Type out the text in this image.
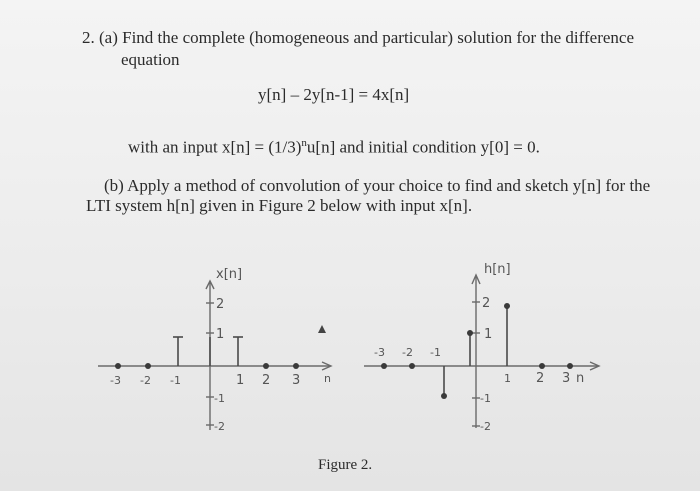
2. (a) Find the complete (homogeneous and particular) solution for the difference
equation
y[n] – 2y[n-1] = 4x[n]
with an input $x[n] = (1/3)^nu[n]$ and initial condition y[0] = 0.
(b) Apply a method of convolution of your choice to find and sketch y[n] for the
LTI system h[n] given in Figure 2 below with input x[n].
x[n]
2
1
-1
-2
-3 -2 -1	1 2 3 n
h[n]
2
1
-1
-2
-3 -2 -1
1 2 3 n
Figure 2.
